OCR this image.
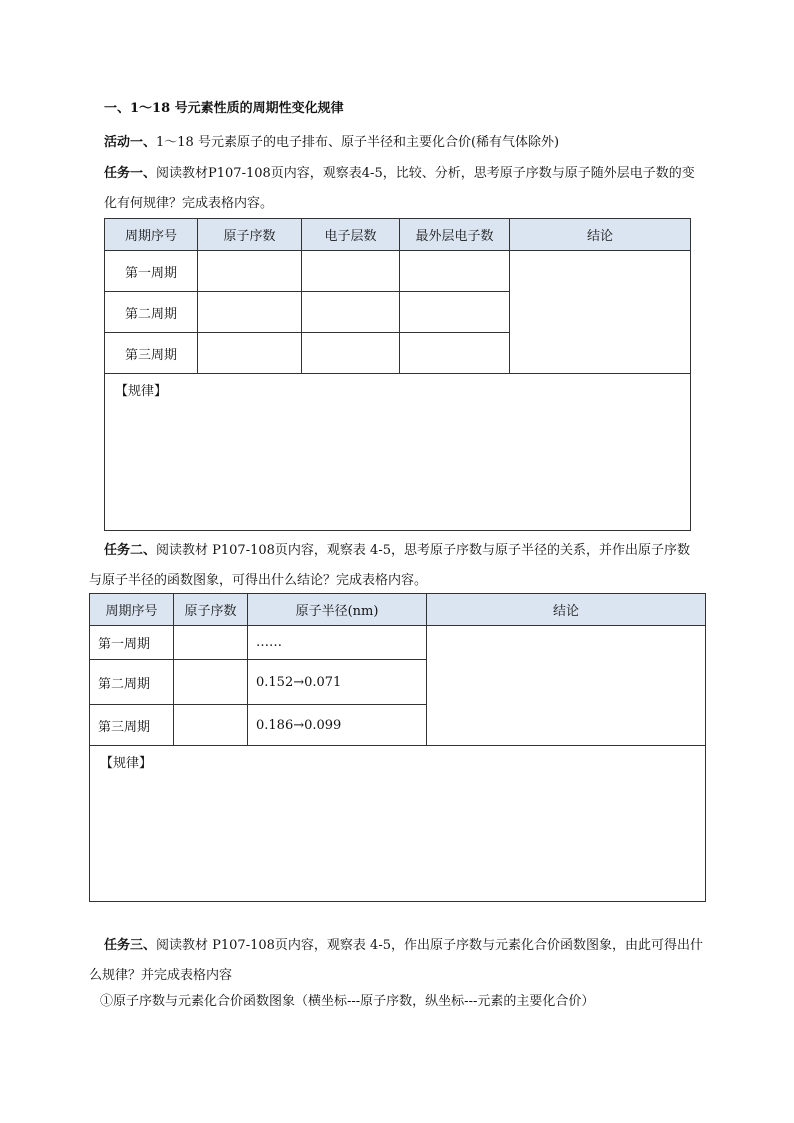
一、1～18 号元素性质的周期性变化规律
活动一、1～18 号元素原子的电子排布、原子半径和主要化合价(稀有气体除外)
任务一、阅读教材P107-108页内容，观察表4-5，比较、分析，思考原子序数与原子随外层电子数的变
化有何规律？完成表格内容。
周期序号	原子序数	电子层数	最外层电子数	结论
第一周期				
第二周期				
第三周期				
【规律】				
任务二、阅读教材 P107-108页内容，观察表 4-5，思考原子序数与原子半径的关系，并作出原子序数
与原子半径的函数图象，可得出什么结论？完成表格内容。
周期序号	原子序数	原子半径(nm)	结论
第一周期		……	
第二周期		0.152→0.071	
第三周期		0.186→0.099	
【规律】			
任务三、阅读教材 P107-108页内容，观察表 4-5，作出原子序数与元素化合价函数图象，由此可得出什
么规律？并完成表格内容
①原子序数与元素化合价函数图象（横坐标---原子序数，纵坐标---元素的主要化合价）
